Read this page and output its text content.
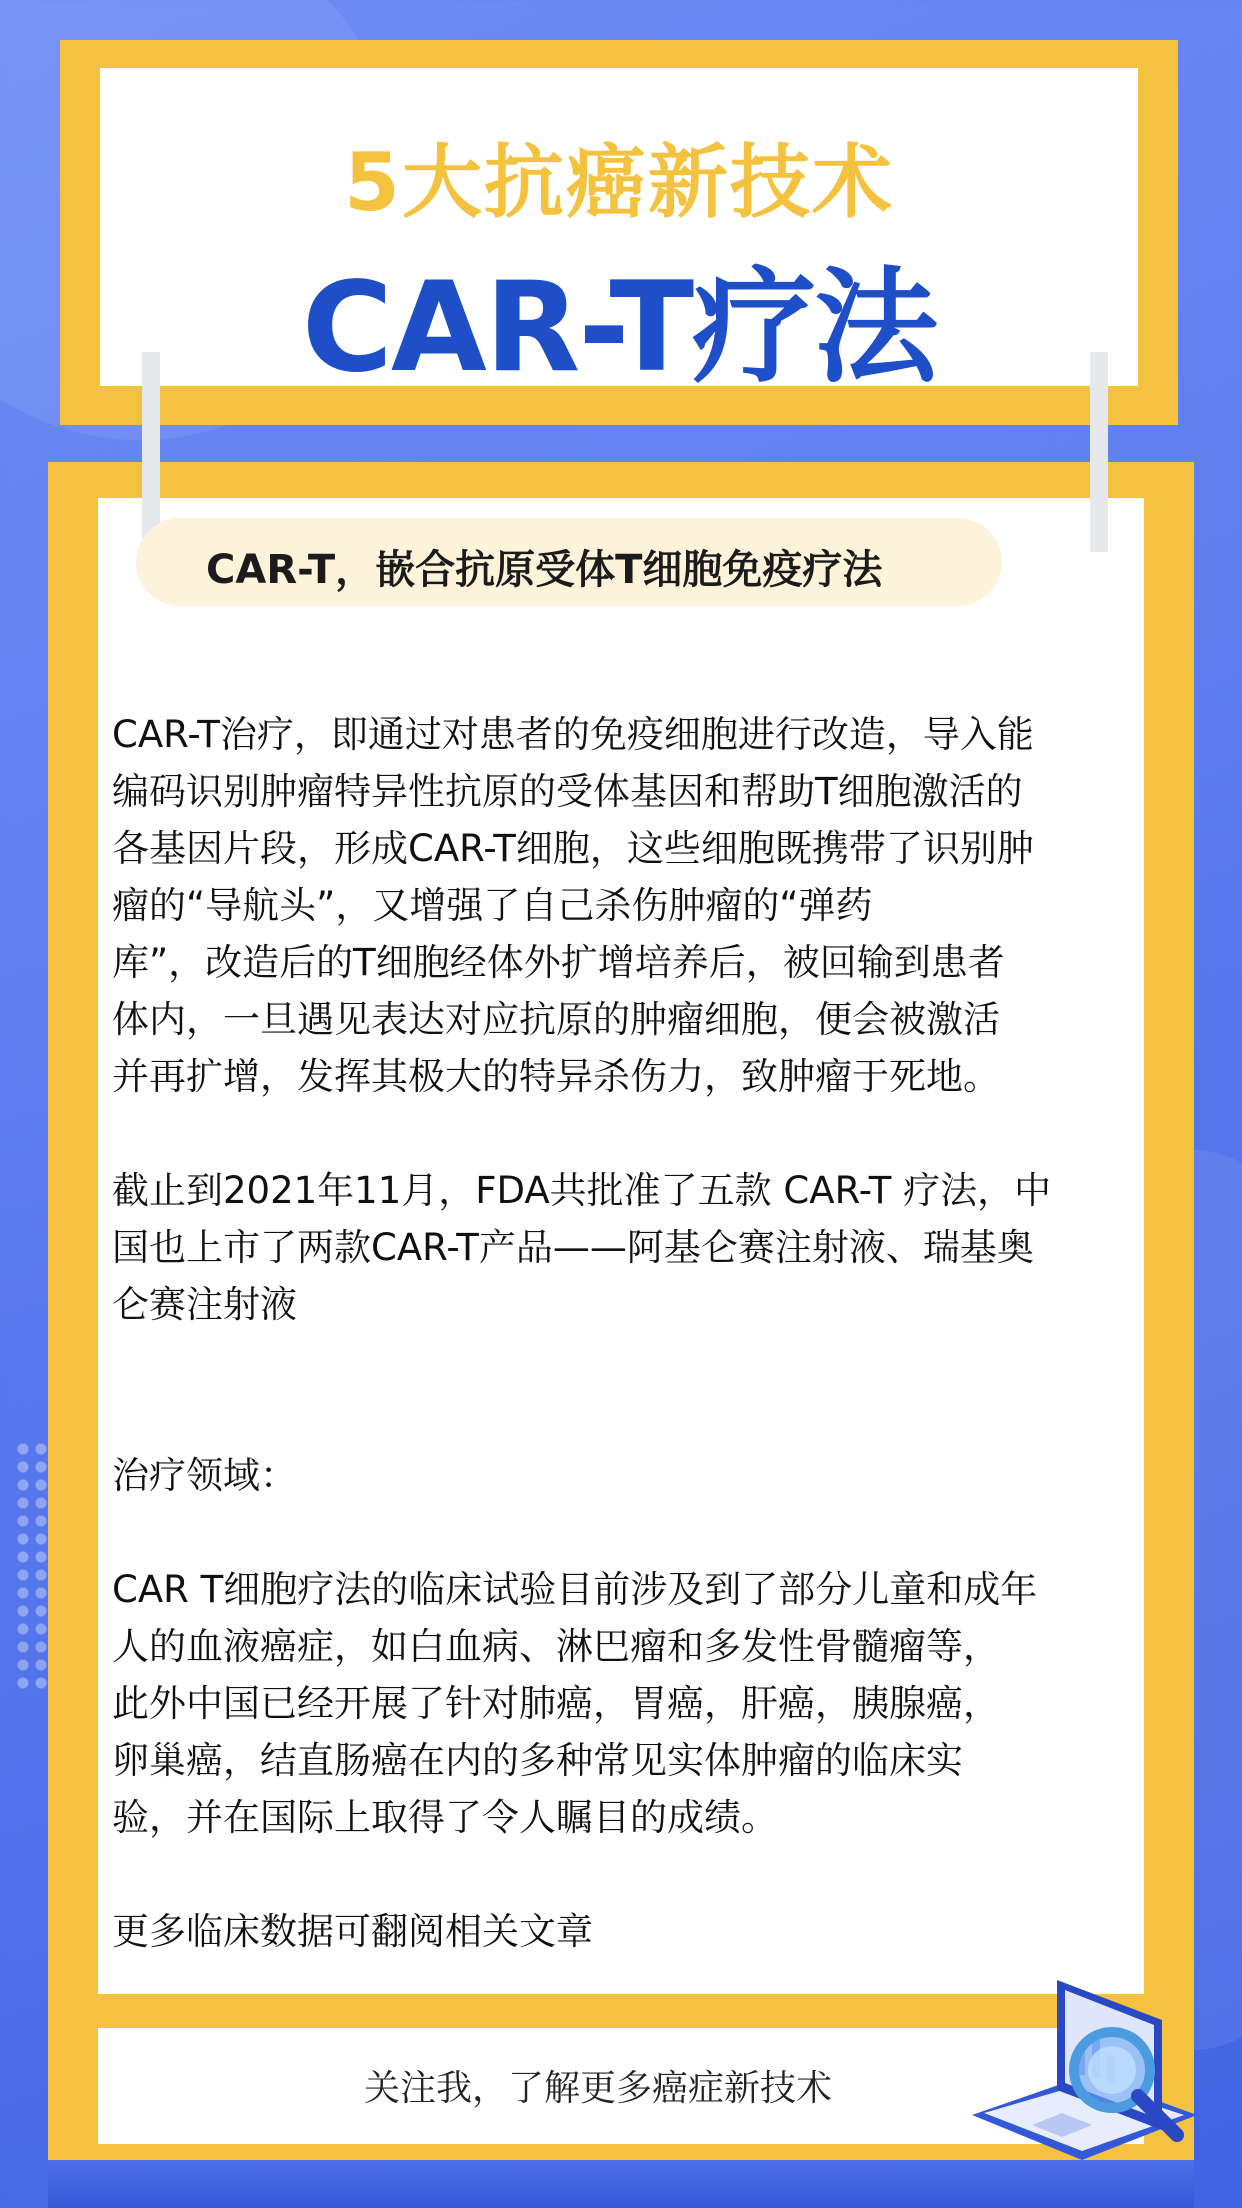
5大抗癌新技术
CAR-T疗法
CAR-T，嵌合抗原受体T细胞免疫疗法

CAR-T治疗，即通过对患者的免疫细胞进行改造，导入能
编码识别肿瘤特异性抗原的受体基因和帮助T细胞激活的
各基因片段，形成CAR-T细胞，这些细胞既携带了识别肿
瘤的“导航头”，又增强了自己杀伤肿瘤的“弹药
库”，改造后的T细胞经体外扩增培养后，被回输到患者
体内，一旦遇见表达对应抗原的肿瘤细胞，便会被激活
并再扩增，发挥其极大的特异杀伤力，致肿瘤于死地。

截止到2021年11月，FDA共批准了五款 CAR-T 疗法，中
国也上市了两款CAR-T产品——阿基仑赛注射液、瑞基奥
仑赛注射液

治疗领域：

CAR T细胞疗法的临床试验目前涉及到了部分儿童和成年
人的血液癌症，如白血病、淋巴瘤和多发性骨髓瘤等，
此外中国已经开展了针对肺癌，胃癌，肝癌，胰腺癌，
卵巢癌，结直肠癌在内的多种常见实体肿瘤的临床实
验，并在国际上取得了令人瞩目的成绩。

更多临床数据可翻阅相关文章

关注我，了解更多癌症新技术
